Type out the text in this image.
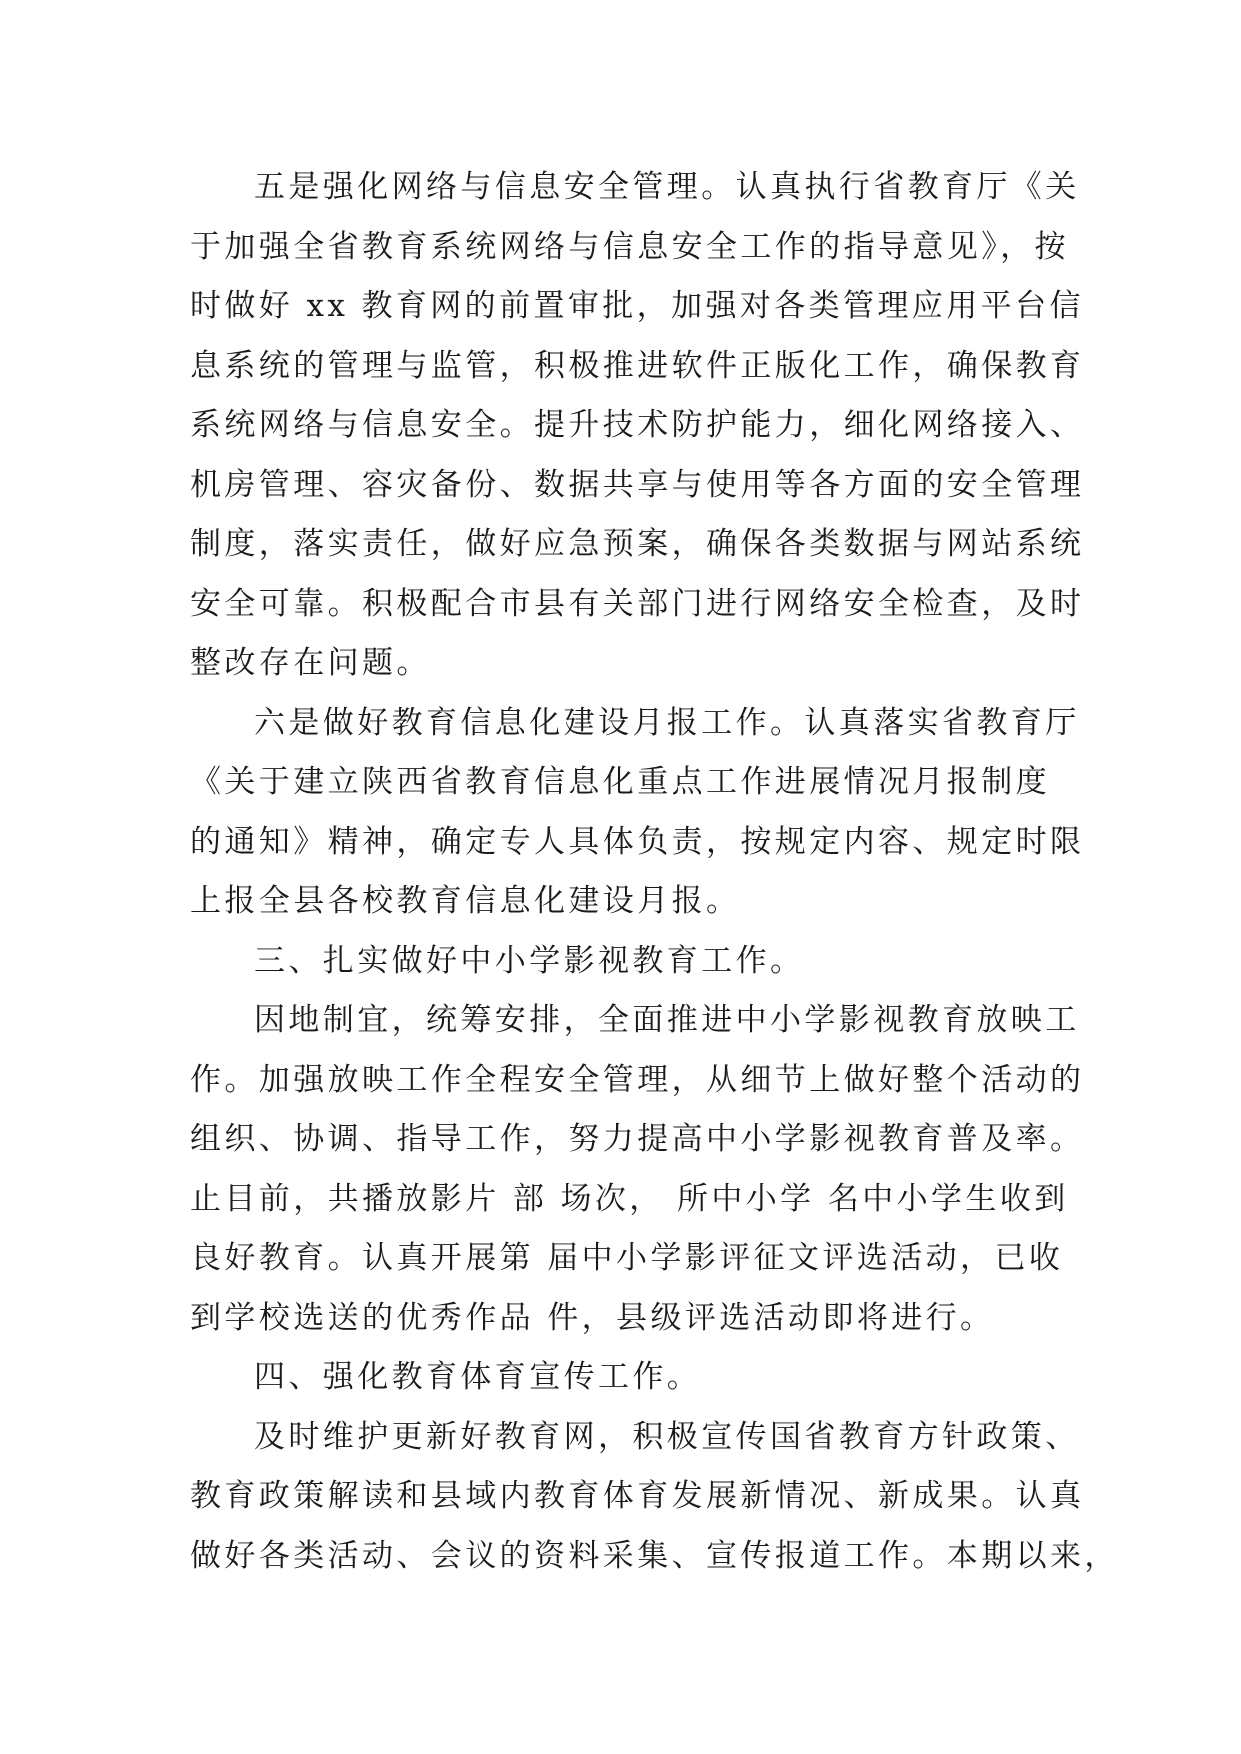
五是强化网络与信息安全管理。认真执行省教育厅《关
于加强全省教育系统网络与信息安全工作的指导意见》，按
时做好 xx 教育网的前置审批，加强对各类管理应用平台信
息系统的管理与监管，积极推进软件正版化工作，确保教育
系统网络与信息安全。提升技术防护能力，细化网络接入、
机房管理、容灾备份、数据共享与使用等各方面的安全管理
制度，落实责任，做好应急预案，确保各类数据与网站系统
安全可靠。积极配合市县有关部门进行网络安全检查，及时
整改存在问题。
六是做好教育信息化建设月报工作。认真落实省教育厅
《关于建立陕西省教育信息化重点工作进展情况月报制度
的通知》精神，确定专人具体负责，按规定内容、规定时限
上报全县各校教育信息化建设月报。
三、扎实做好中小学影视教育工作。
因地制宜，统筹安排，全面推进中小学影视教育放映工
作。加强放映工作全程安全管理，从细节上做好整个活动的
组织、协调、指导工作，努力提高中小学影视教育普及率。
止目前，共播放影片 部 场次， 所中小学 名中小学生收到
良好教育。认真开展第 届中小学影评征文评选活动，已收
到学校选送的优秀作品 件，县级评选活动即将进行。
四、强化教育体育宣传工作。
及时维护更新好教育网，积极宣传国省教育方针政策、
教育政策解读和县域内教育体育发展新情况、新成果。认真
做好各类活动、会议的资料采集、宣传报道工作。本期以来，
